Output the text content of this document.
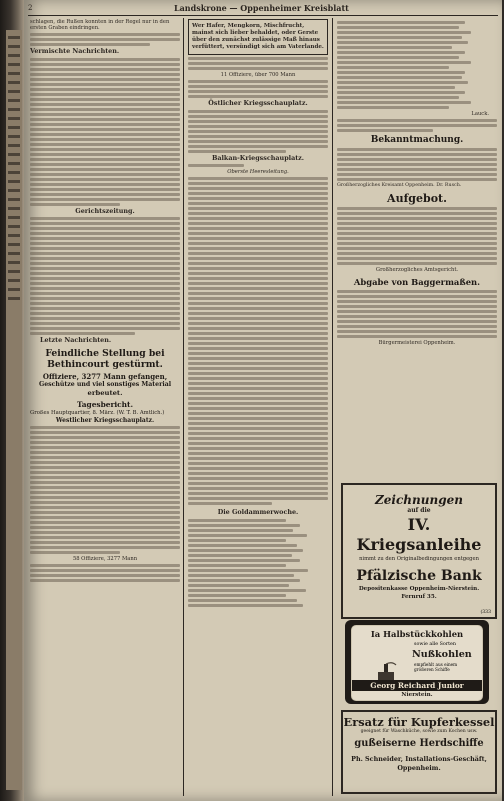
2	Landskrone — Oppenheimer Kreisblatt
schlagen, die Rußen konnten in der Regel nur in den ersten Graben eindringen.
Vermischte Nachrichten.
Gerichtszeitung.
Letzte Nachrichten.
Feindliche Stellung bei
Bethincourt gestürmt.
Offiziere, 3277 Mann gefangen,
Geschütze und viel sonstiges Material
erbeutet.
Tagesbericht.
Großes Hauptquartier, 8. März. (W. T. B. Amtlich.)
Westlicher Kriegsschauplatz.
58 Offiziere, 3277 Mann
Wer Hafer, Mengkorn, Mischfrucht, mainst sich lieber behaldet, oder Gerste über den zunächst zulässige Maß hinaus verfüttert, versündigt sich am Vaterlande.
11 Offiziere, über 700 Mann
Östlicher Kriegsschauplatz.
Balkan-Kriegsschauplatz.
Oberste Heeresleitung.
Die Goldammerwoche.
Lauck.
Bekanntmachung.
Großherzogliches Kreisamt Oppenheim. Dr. Rusch.
Aufgebot.
Großherzogliches Amtsgericht.
Abgabe von Baggermaßen.
Bürgermeisterei Oppenheim.
Zeichnungen
auf die
IV. Kriegsanleihe
nimmt zu den Originalbedingungen entgegen
Pfälzische Bank
Depositenkasse Oppenheim-Nierstein.
Fernruf 35.
(333
Ia Halbstückkohlen
sowie alle Sorten
Nußkohlen
empfiehlt aus einem größeren Schiffe
Georg Reichard Junior
Nierstein.
Ersatz für Kupferkessel
geeignet für Waschküche, sowie zum Kochen usw.
gußeiserne Herdschiffe
Ph. Schneider, Installations-Geschäft,
Oppenheim.
